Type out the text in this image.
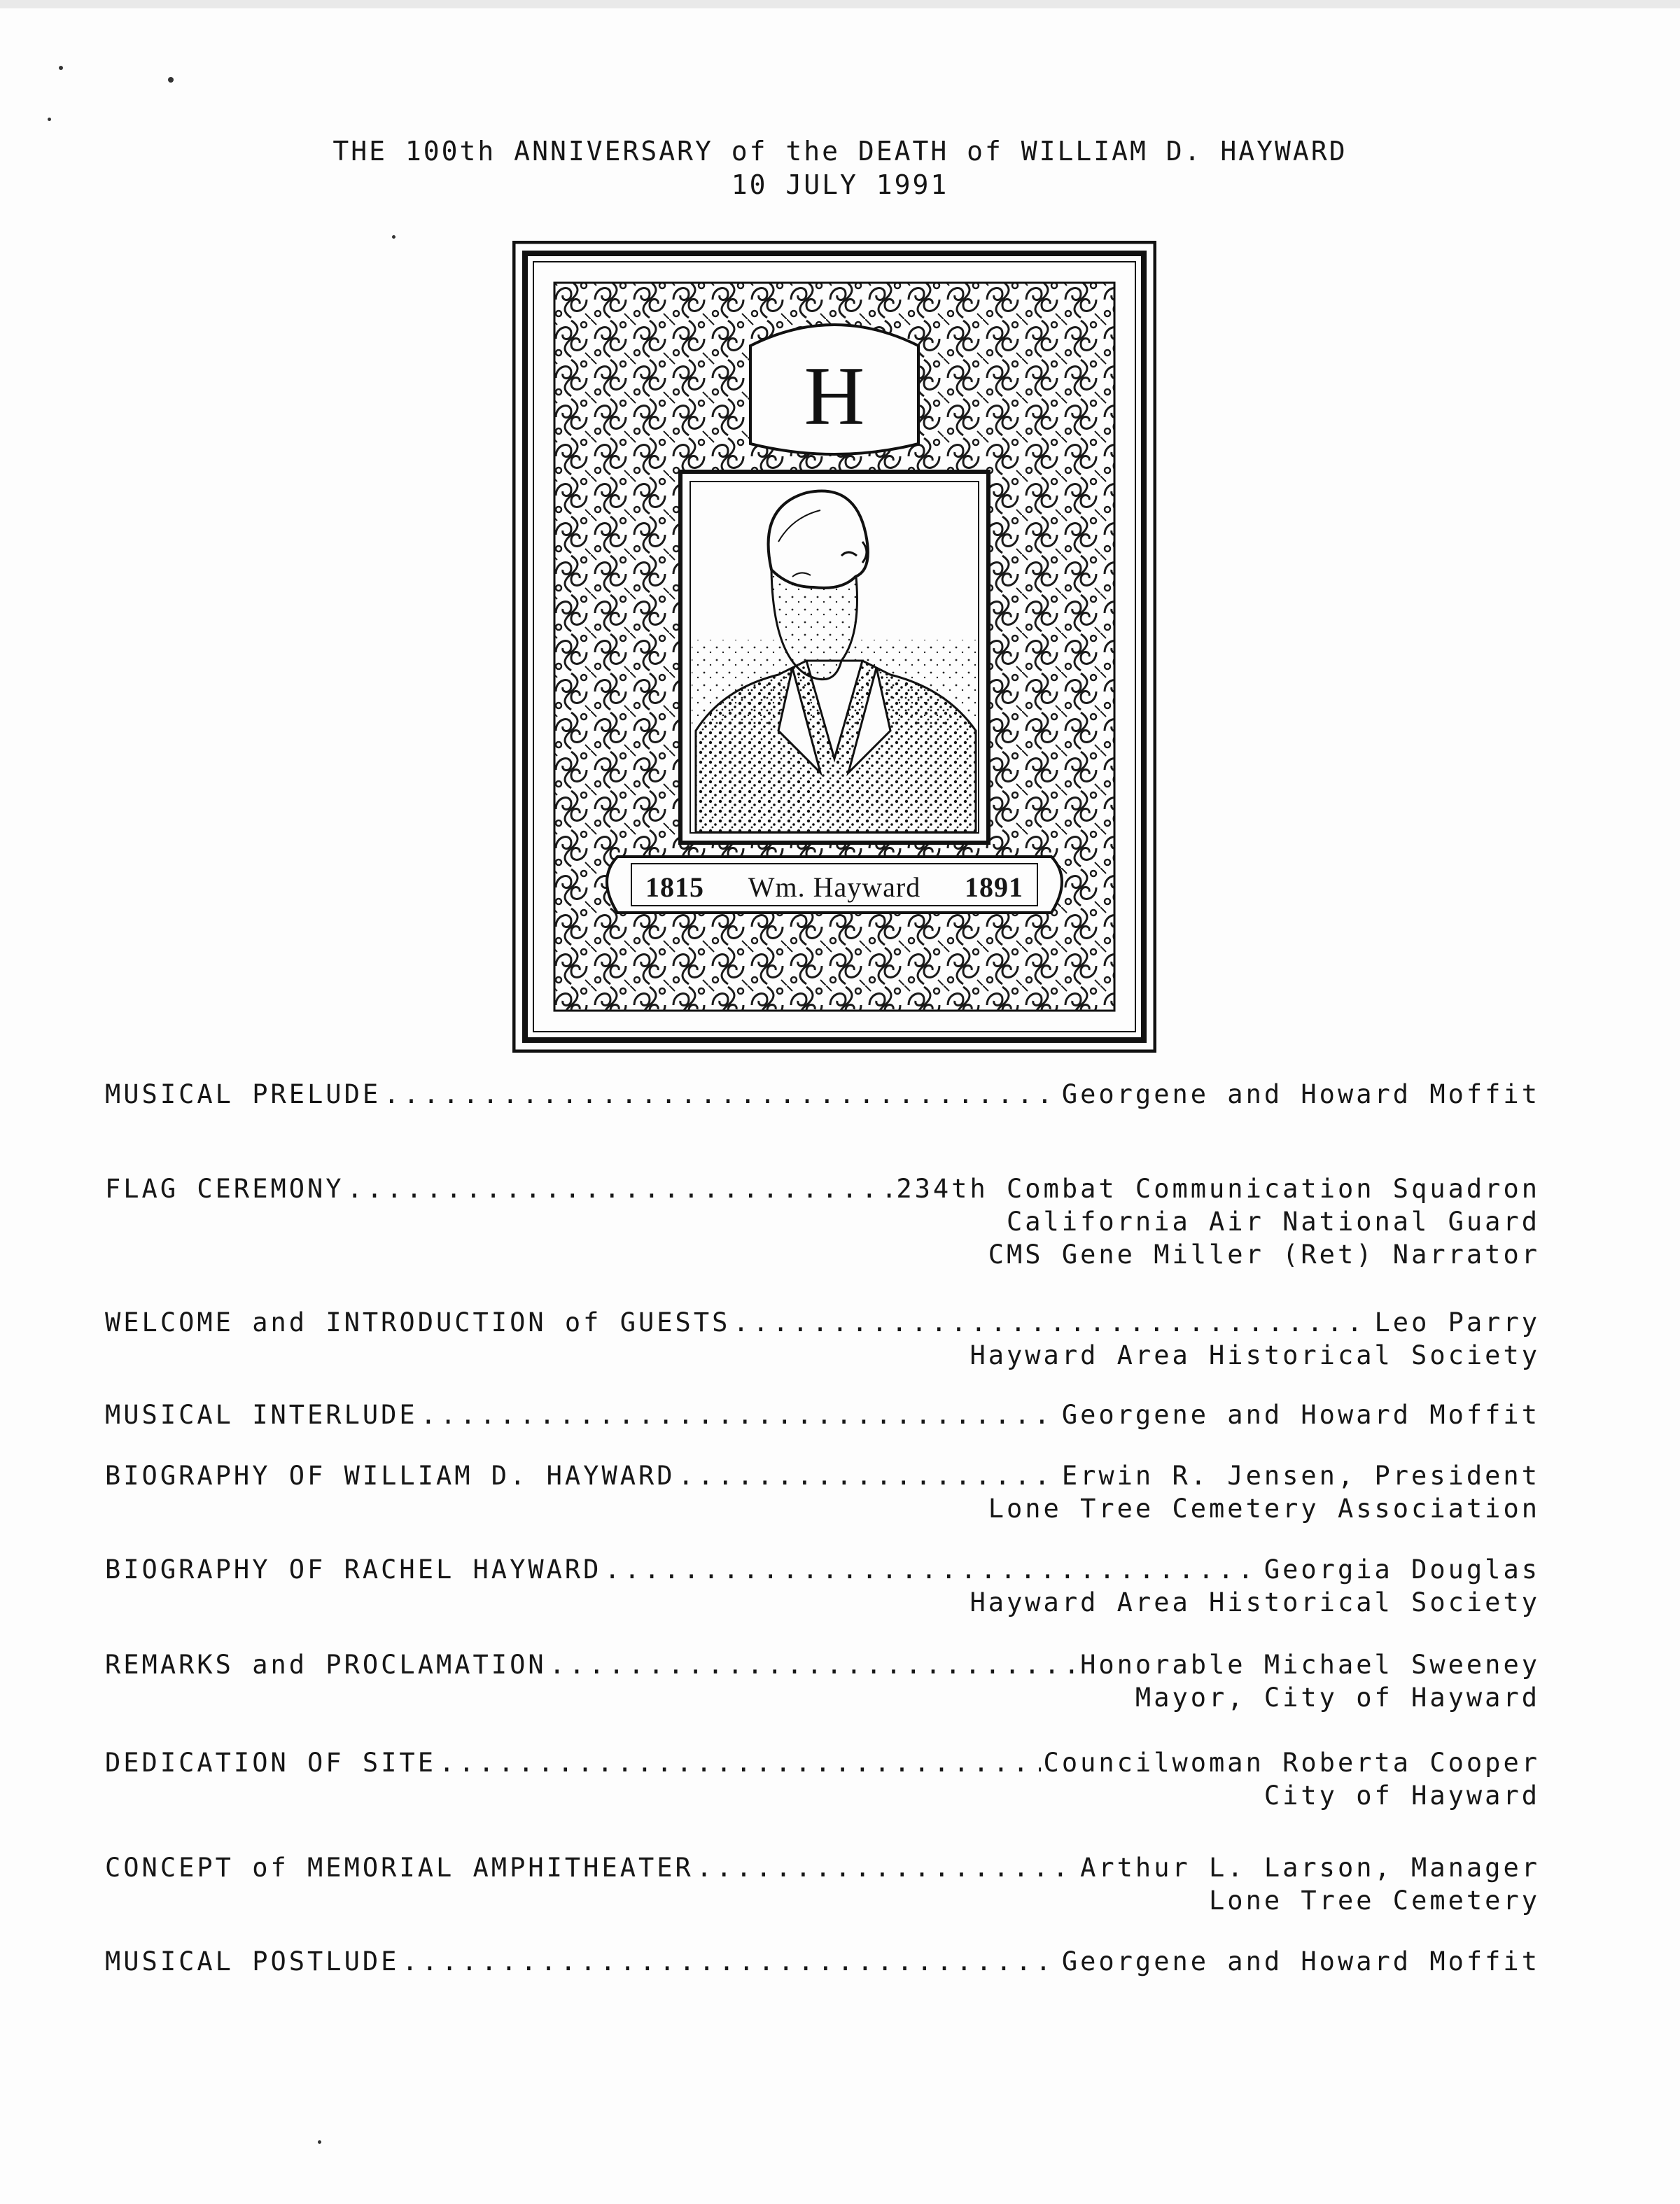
THE 100th ANNIVERSARY of the DEATH of WILLIAM D. HAYWARD
10 JULY 1991
H
1815 Wm. Hayward 1891
MUSICAL PRELUDE .....	Georgene and Howard Moffit
FLAG CEREMONY .....	234th Combat Communication Squadron
California Air National Guard
CMS Gene Miller (Ret) Narrator
WELCOME and INTRODUCTION of GUESTS .....	Leo Parry
Hayward Area Historical Society
MUSICAL INTERLUDE .....	Georgene and Howard Moffit
BIOGRAPHY OF WILLIAM D. HAYWARD .....	Erwin R. Jensen, President
Lone Tree Cemetery Association
BIOGRAPHY OF RACHEL HAYWARD .....	Georgia Douglas
Hayward Area Historical Society
REMARKS and PROCLAMATION .....	Honorable Michael Sweeney
Mayor, City of Hayward
DEDICATION OF SITE .....	Councilwoman Roberta Cooper
City of Hayward
CONCEPT of MEMORIAL AMPHITHEATER .....	Arthur L. Larson, Manager
Lone Tree Cemetery
MUSICAL POSTLUDE .....	Georgene and Howard Moffit
